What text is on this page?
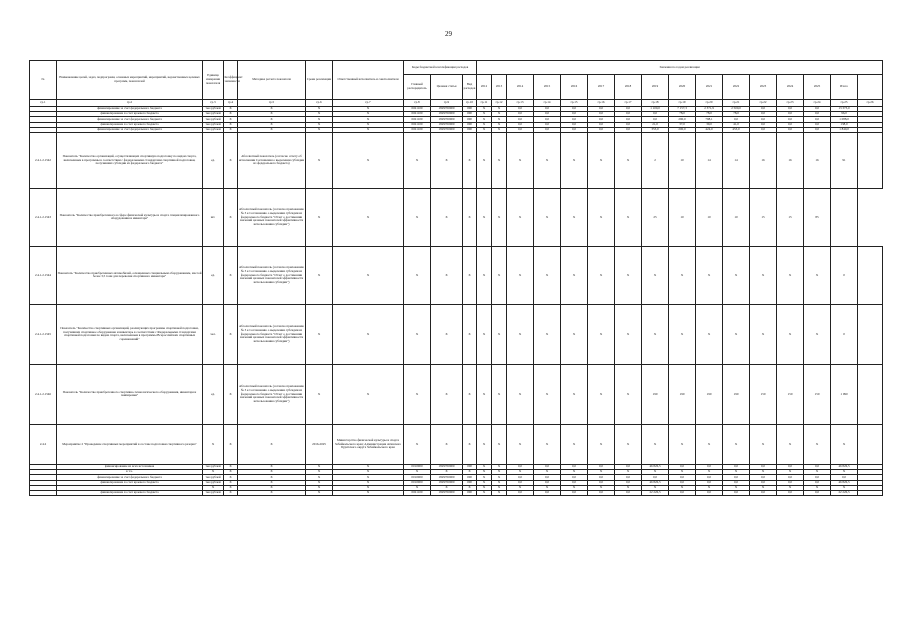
29
№	Наименование целей, задач, подпрограмм, основных мероприятий, мероприятий, ведомственных целевых программ, показателей	Единица измерения показателя	Коэффициент значимости	Методика расчета показателя	Сроки реализации	Ответственный исполнитель и соисполнители	Коды бюджетной классификации расходов			Значения по годам реализации															
							Главный распорядитель	Целевая статья	Вид расходов	2012	2013	2014	2015	2016	2017	2018	2019	2020	2021	2022	2023	2024	2025	Итого	
гр.1	гр.2	гр.3	гр.4	гр.5	гр.6	гр.7	гр.8	гр.9	гр.10	гр.11	гр.12	гр.13	гр.14	гр.15	гр.16	гр.17	гр.18	гр.19	гр.20	гр.21	гр.22	гр.23	гр.24	гр.25	гр.26
	финансирование за счет федерального бюджета	тыс.рублей	X	X	X	X	0021100	1829700000	000	X	X	0,0	0,0	0,0	0,0	0,0	1 100,0	7 157,3	2 371,9	2 500,0	0,0	0,0	0,0	13 373,0	
	финансирование за счет краевого бюджета	тыс.рублей	X	X	X	X	0021100	1829700000	000	X	X	0,0	0,0	0,0	0,0	0,0	0,0	78,0	78,0	78,0	0,0	0,0	0,0	96,0	
	финансирование за счет федерального бюджета	тыс.рублей	X	X	X	X	0021100	1829700000	000	X	X	0,0	0,0	0,0	0,0	0,0	0,0	290,0	798,1	0,0	0,0	0,0	0,0	1 088,0	
	финансирование за счет краевого бюджета	тыс.рублей	X	X	X	X	0021100	1829700000	000	X	X	0,0	0,0	0,0	0,0	0,0	21,0	37,0	39,0	41,0	0,0	0,0	0,0	138,0	
	финансирование за счет федерального бюджета	тыс.рублей	X	X	X	X	0021100	1829700000	000	X	X	0,0	0,0	0,0	0,0	0,0	353,0	200,0	424,0	453,0	0,0	0,0	0,0	1 840,0	
2.4.1.2.1542	Показатель "Количество организаций, осуществляющих спортивную подготовку по видам спорта, включенным в программы в соответствии с федеральными стандартами спортивной подготовки, получивших субсидии из федерального бюджета"	ед.	X	Абсолютный показатель (согласно отчету об исполнении Соглашения о выделении субсидии из федерального бюджета)	X	X	X	X	X	X	X	X	X	X	X	X	2	10	14	14	16	16	16	91	
2.4.1.2.1543	Показатель "Количество приобретенного в сфере физической культуры и спорта специализированного оборудования и инвентаря"	шт.	X	Абсолютный показатель (согласно приложению № 3 к Соглашению о выделении субсидии из федерального бюджета "Отчет о достижении значений целевых показателей эффективности использования субсидии")	X	X	X	X	X	X	X	X	X	X	X	X	25	10	10	10	15	15	85		
2.4.1.2.1544	Показатель "Количество приобретенных автомобилей, оснащенных специальным оборудованием, массой более 3,5 тонн для перевозки спортивного инвентаря"	ед.	X	Абсолютный показатель (согласно приложению № 3 к Соглашению о выделении субсидии из федерального бюджета "Отчет о достижении значений целевых показателей эффективности использования субсидии")	X	X	X	X	X	X	X	X	X	X	X	X	X	X	X	X	X	X	X	0	
2.4.1.2.1545	Показатель "Количество спортивных организаций, реализующих программы спортивной подготовки, получивших спортивное оборудование и инвентарь в соответствии с Федеральными стандартами спортивной подготовки по видам спорта, включенным в программы Всероссийских спортивных соревнований"	чел.	X	Абсолютный показатель (согласно приложению № 3 к Соглашению о выделении субсидии из федерального бюджета "Отчет о достижении значений целевых показателей эффективности использования субсидии")	X	X	X	X	X	X	X	X	X	X	X	X	X	X	X	X	X	X	X	0	
2.4.1.2.1546	Показатель "Количество приобретенного спортивно-технологического оборудования, инвентаря и экипировки"	ед.	X	Абсолютный показатель (согласно приложению № 3 к Соглашению о выделении субсидии из федерального бюджета "Отчет о достижении значений целевых показателей эффективности использования субсидии")	X	X	X	X	X	X	X	X	X	X	X	X	190	190	190	190	150	150	150	1 090	
2.4.2	Мероприятие 2 "Проведение спортивных мероприятий в составе подготовки спортивного резерва"	X	X	X	2016-2025	Министерство физической культуры и спорта Забайкальского края; Администрация Агинского Бурятского округа Забайкальского края	X	X	X	X	X	X	X	X	X	X	X	X	X	X	X	X	X	X	
	финансирование из всех источников	тыс.рублей	X	X	X	X	0010000	1829700000	000	X	X	0,0	0,0	0,0	0,0	0,0	46 826,5	0,0	0,0	0,0	0,0	0,0	0,0	46 826,5	
	в т.ч.	X	X	X	X	X	X	X	X	X	X	X	X	X	X	X	X	X	X	X	X	X	X	X	
	финансирование за счет федерального бюджета	тыс.рублей	X	X	X	X	0010000	1829700000	000	X	X	0,0	0,0	0,0	0,0	0,0	0,0	0,0	0,0	0,0	0,0	0,0	0,0	0,0	
	финансирование за счет краевого бюджета	тыс.рублей	X	X	X	X	0010000	1829700000	000	X	X	0,0	0,0	0,0	0,0	0,0	46 826,5	0,0	0,0	0,0	0,0	0,0	0,0	46 826,5	
		X	X	X	X	X	X	X	X	X	X	X	X	X	X	X	X	X	X	X	X	X	X	X	
	финансирование за счет краевого бюджета	тыс.рублей	X	X	X	X	0021100	1829700000	000	X	X	0,0	0,0	0,0	0,0	0,0	22 226,5	0,0	0,0	0,0	0,0	0,0	0,0	22 226,5	
